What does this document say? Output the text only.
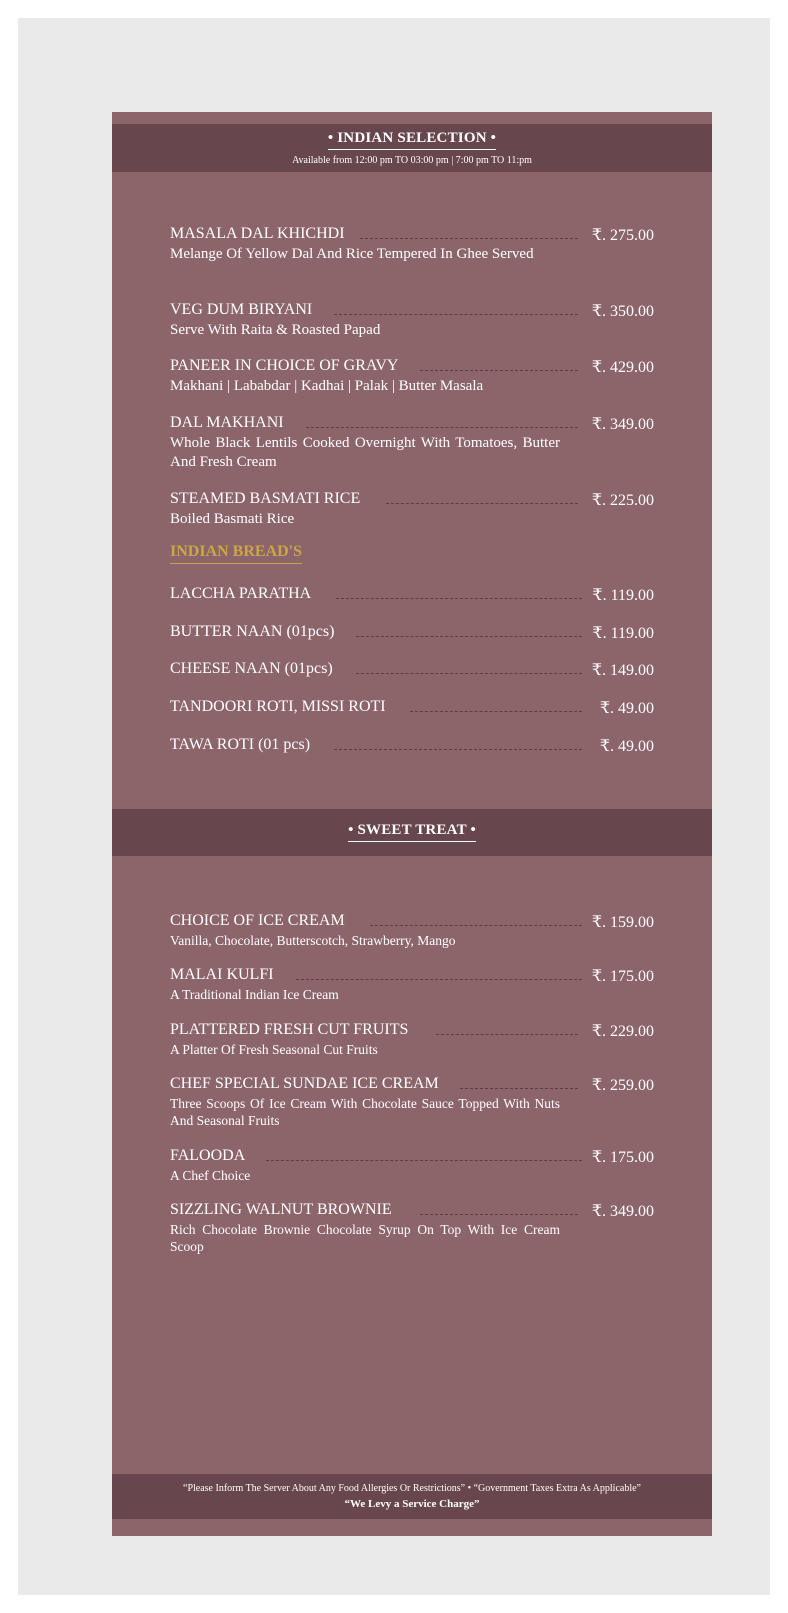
• INDIAN SELECTION •
Available from 12:00 pm TO 03:00 pm | 7:00 pm TO 11:pm
MASALA DAL KHICHDI	₹. 275.00
Melange Of Yellow Dal And Rice Tempered In Ghee Served
VEG DUM BIRYANI	₹. 350.00
Serve With Raita & Roasted Papad
PANEER IN CHOICE OF GRAVY	₹. 429.00
Makhani | Lababdar | Kadhai | Palak | Butter Masala
DAL MAKHANI	₹. 349.00
Whole Black Lentils Cooked Overnight With Tomatoes, Butter And Fresh Cream
STEAMED BASMATI RICE	₹. 225.00
Boiled Basmati Rice
INDIAN BREAD'S
LACCHA PARATHA	₹. 119.00
BUTTER NAAN (01pcs)	₹. 119.00
CHEESE NAAN (01pcs)	₹. 149.00
TANDOORI ROTI, MISSI ROTI	₹. 49.00
TAWA ROTI (01 pcs)	₹. 49.00
• SWEET TREAT •
CHOICE OF ICE CREAM	₹. 159.00
Vanilla, Chocolate, Butterscotch, Strawberry, Mango
MALAI KULFI	₹. 175.00
A Traditional Indian Ice Cream
PLATTERED FRESH CUT FRUITS	₹. 229.00
A Platter Of Fresh Seasonal Cut Fruits
CHEF SPECIAL SUNDAE ICE CREAM	₹. 259.00
Three Scoops Of Ice Cream With Chocolate Sauce Topped With Nuts And Seasonal Fruits
FALOODA	₹. 175.00
A Chef Choice
SIZZLING WALNUT BROWNIE	₹. 349.00
Rich Chocolate Brownie Chocolate Syrup On Top With Ice Cream Scoop
“Please Inform The Server About Any Food Allergies Or Restrictions” • “Government Taxes Extra As Applicable”
“We Levy a Service Charge”
